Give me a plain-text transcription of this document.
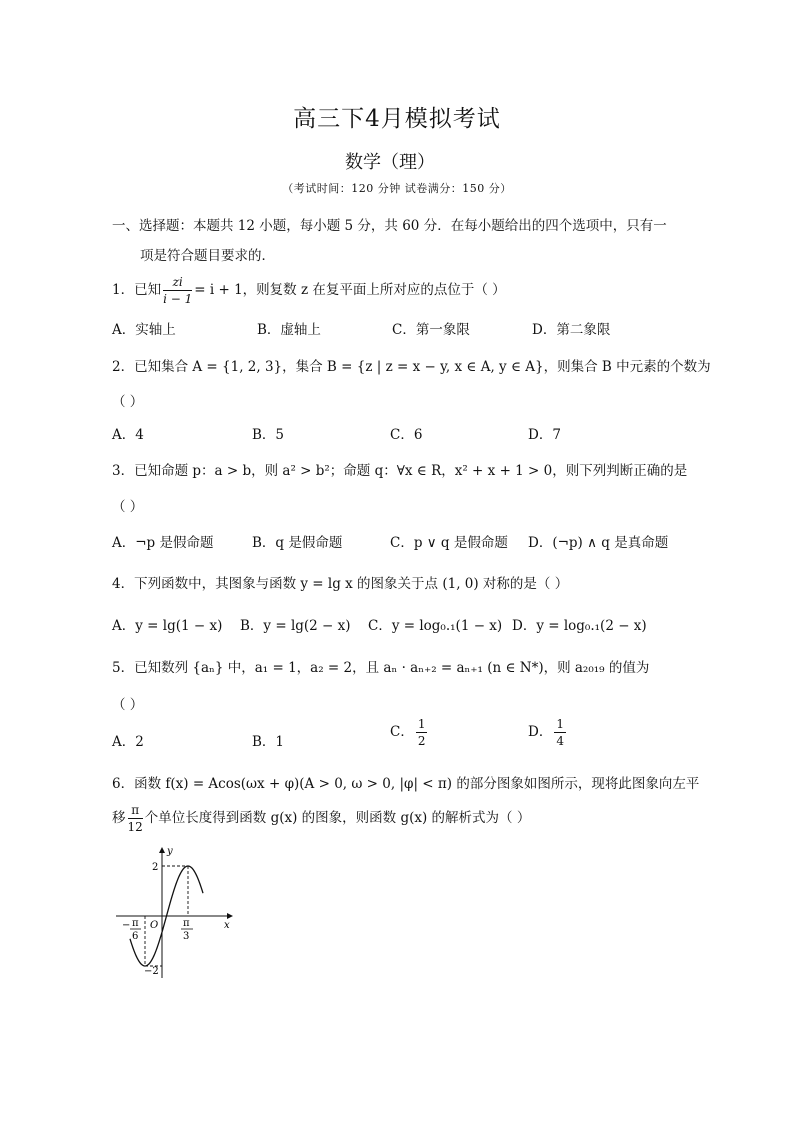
高三下4月模拟考试
数学（理）
（考试时间：120 分钟 试卷满分：150 分）
一、选择题：本题共 12 小题，每小题 5 分，共 60 分．在每小题给出的四个选项中，只有一
项是符合题目要求的．
1．已知 $\frac{zi}{i - 1} = i + 1$，则复数 z 在复平面上所对应的点位于（ ）
A．实轴上	B．虚轴上	C．第一象限	D．第二象限
2．已知集合 A = {1, 2, 3}，集合 B = {z | z = x − y, x ∈ A, y ∈ A}，则集合 B 中元素的个数为
（ ）
A．4	B．5	C．6	D．7
3．已知命题 p：a > b，则 a² > b²；命题 q：∀x ∈ R，x² + x + 1 > 0，则下列判断正确的是
（ ）
A．¬p 是假命题	B．q 是假命题	C．p ∨ q 是假命题 D．(¬p) ∧ q 是真命题
4．下列函数中，其图象与函数 y = lg x 的图象关于点 (1, 0) 对称的是（ ）
A．y = lg(1 − x) B．y = lg(2 − x) C．y = log₀.₁(1 − x) D．y = log₀.₁(2 − x)
5．已知数列 {aₙ} 中，a₁ = 1，a₂ = 2，且 aₙ · aₙ₊₂ = aₙ₊₁ (n ∈ N*)，则 a₂₀₁₉ 的值为
（ ）
A．2	B．1
C． $\frac{1}{2}$	D． $\frac{1}{4}$
6．函数 f(x) = Acos(ωx + φ)(A > 0, ω > 0, |φ| < π) 的部分图象如图所示，现将此图象向左平
移 $\frac{\pi}{12}$ 个单位长度得到函数 g(x) 的图象，则函数 g(x) 的解析式为（ ）
y
x
O
2
−2
− π
6
π
3
